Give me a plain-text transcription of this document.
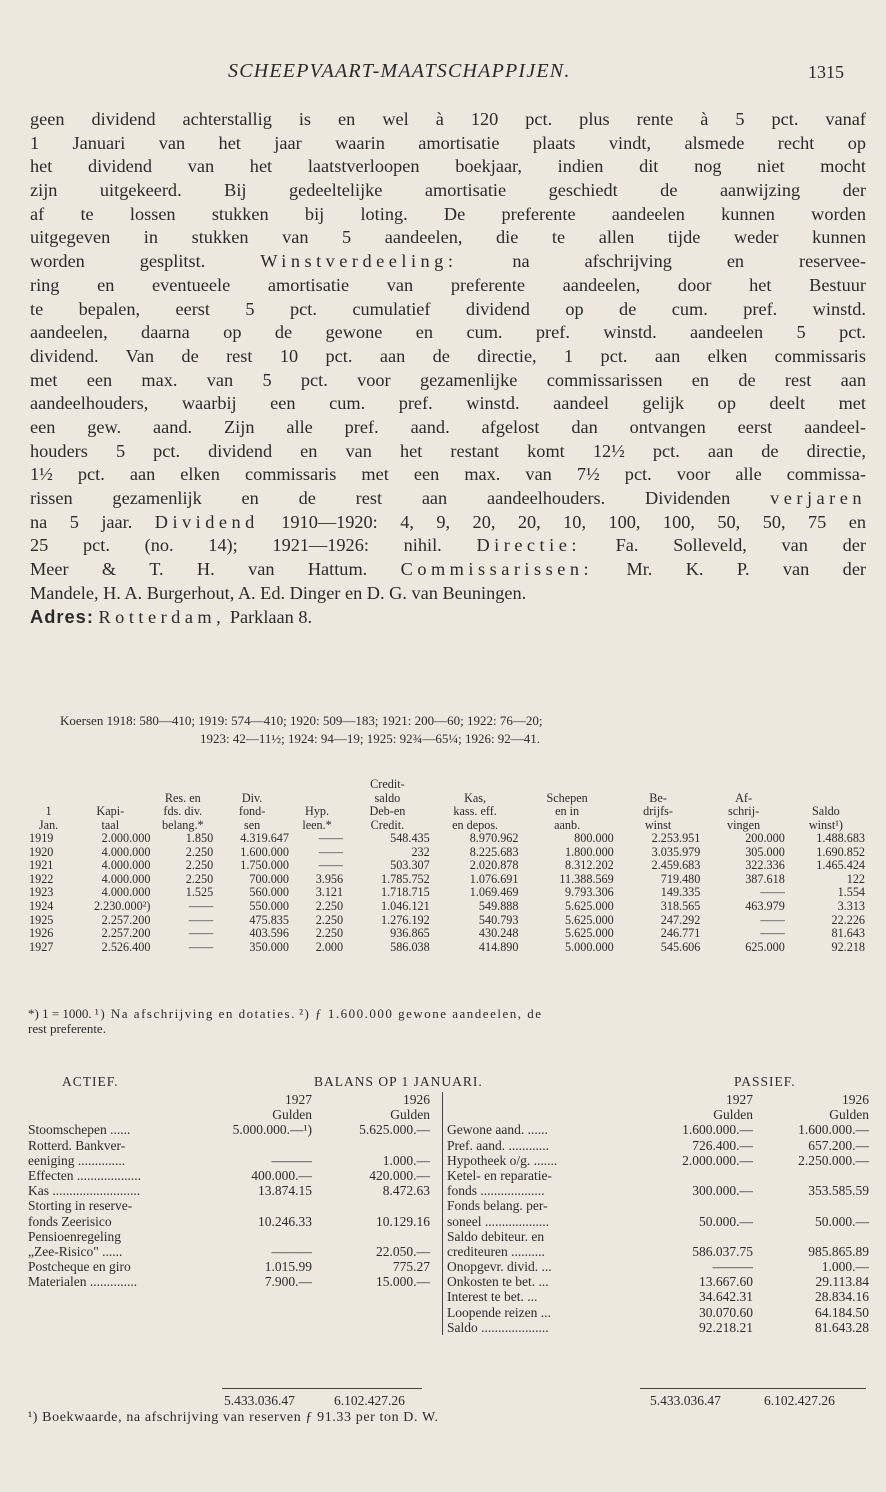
SCHEEPVAART-MAATSCHAPPIJEN.	1315
geen dividend achterstallig is en wel à 120 pct. plus rente à 5 pct. vanaf
1 Januari van het jaar waarin amortisatie plaats vindt, alsmede recht op
het dividend van het laatstverloopen boekjaar, indien dit nog niet mocht
zijn uitgekeerd. Bij gedeeltelijke amortisatie geschiedt de aanwijzing der
af te lossen stukken bij loting. De preferente aandeelen kunnen worden
uitgegeven in stukken van 5 aandeelen, die te allen tijde weder kunnen
worden gesplitst.	Winstverdeeling:	na afschrijving en reservee-
ring en eventueele amortisatie van preferente aandeelen, door het Bestuur
te bepalen, eerst 5 pct. cumulatief dividend op de cum. pref. winstd.
aandeelen, daarna op de gewone en cum. pref. winstd. aandeelen 5 pct.
dividend. Van de rest 10 pct. aan de directie, 1 pct. aan elken commissaris
met een max. van 5 pct. voor gezamenlijke commissarissen en de rest aan
aandeelhouders, waarbij een cum. pref. winstd. aandeel gelijk op deelt met
een gew. aand. Zijn alle pref. aand. afgelost dan ontvangen eerst aandeel-
houders 5 pct. dividend en van het restant komt 12½ pct. aan de directie,
1½ pct. aan elken commissaris met een max. van 7½ pct. voor alle commissa-
rissen gezamenlijk en de rest aan aandeelhouders. Dividenden verjaren
na 5 jaar. Dividend 1910—1920: 4, 9, 20, 20, 10, 100, 100, 50, 50, 75 en
25 pct. (no. 14); 1921—1926: nihil. Directie: Fa. Solleveld, van der
Meer & T. H. van Hattum. Commissarissen: Mr. K. P. van der
Mandele, H. A. Burgerhout, A. Ed. Dinger en D. G. van Beuningen.
Adres: Rotterdam, Parklaan 8.
Koersen 1918: 580—410; 1919: 574—410; 1920: 509—183; 1921: 200—60; 1922: 76—20;
1923: 42—11½; 1924: 94—19; 1925: 92¾—65¼; 1926: 92—41.
					Credit-					
		Res. en	Div.		saldo	Kas,	Schepen	Be-	Af-	
1	Kapi-	fds. div.	fond-	Hyp.	Deb-en	kass. eff.	en in	drijfs-	schrij-	Saldo
Jan.	taal	belang.*	sen	leen.*	Credit.	en depos.	aanb.	winst	vingen	winst¹)
1919	2.000.000	1.850	4.319.647	——	548.435	8.970.962	800.000	2.253.951	200.000	1.488.683
1920	4.000.000	2.250	1.600.000	——	232	8.225.683	1.800.000	3.035.979	305.000	1.690.852
1921	4.000.000	2.250	1.750.000	——	503.307	2.020.878	8.312.202	2.459.683	322.336	1.465.424
1922	4.000.000	2.250	700.000	3.956	1.785.752	1.076.691	11.388.569	719.480	387.618	122
1923	4.000.000	1.525	560.000	3.121	1.718.715	1.069.469	9.793.306	149.335	——	1.554
1924	2.230.000²)	——	550.000	2.250	1.046.121	549.888	5.625.000	318.565	463.979	3.313
1925	2.257.200	——	475.835	2.250	1.276.192	540.793	5.625.000	247.292	——	22.226
1926	2.257.200	——	403.596	2.250	936.865	430.248	5.625.000	246.771	——	81.643
1927	2.526.400	——	350.000	2.000	586.038	414.890	5.000.000	545.606	625.000	92.218
*) 1 = 1000. ¹) Na afschrijving en dotaties. ²) ƒ 1.600.000 gewone aandeelen, de
rest preferente.
ACTIEF.	BALANS OP 1 JANUARI.	PASSIEF.
1927	1926
Gulden	Gulden
Stoomschepen ......	5.000.000.—¹)	5.625.000.—
Rotterd. Bankver-
eeniging ..............	———	1.000.—
Effecten ...................	400.000.—	420.000.—
Kas ..........................	13.874.15	8.472.63
Storting in reserve-
fonds Zeerisico	10.246.33	10.129.16
Pensioenregeling
„Zee-Risico" ......	———	22.050.—
Postcheque en giro	1.015.99	775.27
Materialen ..............	7.900.—	15.000.—
1927	1926
Gulden	Gulden
Gewone aand. ......	1.600.000.—	1.600.000.—
Pref. aand. ............	726.400.—	657.200.—
Hypotheek o/g. .......	2.000.000.—	2.250.000.—
Ketel- en reparatie-
fonds ...................	300.000.—	353.585.59
Fonds belang. per-
soneel ...................	50.000.—	50.000.—
Saldo debiteur. en
crediteuren ..........	586.037.75	985.865.89
Onopgevr. divid. ...	———	1.000.—
Onkosten te bet. ...	13.667.60	29.113.84
Interest te bet. ...	34.642.31	28.834.16
Loopende reizen ...	30.070.60	64.184.50
Saldo ....................	92.218.21	81.643.28
5.433.036.47	6.102.427.26	5.433.036.47	6.102.427.26
¹) Boekwaarde, na afschrijving van reserven ƒ 91.33 per ton D. W.
